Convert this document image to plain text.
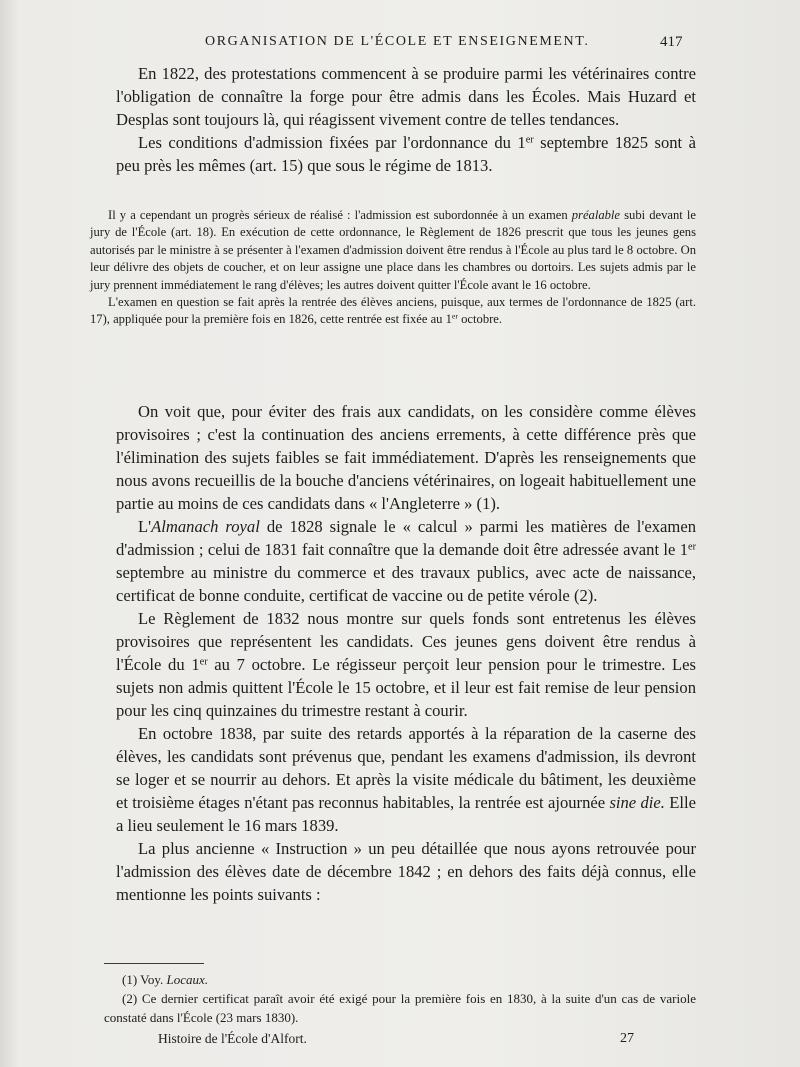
ORGANISATION DE L'ÉCOLE ET ENSEIGNEMENT.	417

En 1822, des protestations commencent à se produire parmi les vétérinaires contre l'obligation de connaître la forge pour être admis dans les Écoles. Mais Huzard et Desplas sont toujours là, qui réagissent vivement contre de telles tendances.

Les conditions d'admission fixées par l'ordonnance du 1er septembre 1825 sont à peu près les mêmes (art. 15) que sous le régime de 1813.

Il y a cependant un progrès sérieux de réalisé : l'admission est subordonnée à un examen préalable subi devant le jury de l'École (art. 18). En exécution de cette ordonnance, le Règlement de 1826 prescrit que tous les jeunes gens autorisés par le ministre à se présenter à l'examen d'admission doivent être rendus à l'École au plus tard le 8 octobre. On leur délivre des objets de coucher, et on leur assigne une place dans les chambres ou dortoirs. Les sujets admis par le jury prennent immédiatement le rang d'élèves; les autres doivent quitter l'École avant le 16 octobre.

L'examen en question se fait après la rentrée des élèves anciens, puisque, aux termes de l'ordonnance de 1825 (art. 17), appliquée pour la première fois en 1826, cette rentrée est fixée au 1er octobre.

On voit que, pour éviter des frais aux candidats, on les considère comme élèves provisoires ; c'est la continuation des anciens errements, à cette différence près que l'élimination des sujets faibles se fait immédiatement. D'après les renseignements que nous avons recueillis de la bouche d'anciens vétérinaires, on logeait habituellement une partie au moins de ces candidats dans « l'Angleterre » (1).

L'Almanach royal de 1828 signale le « calcul » parmi les matières de l'examen d'admission ; celui de 1831 fait connaître que la demande doit être adressée avant le 1er septembre au ministre du commerce et des travaux publics, avec acte de naissance, certificat de bonne conduite, certificat de vaccine ou de petite vérole (2).

Le Règlement de 1832 nous montre sur quels fonds sont entretenus les élèves provisoires que représentent les candidats. Ces jeunes gens doivent être rendus à l'École du 1er au 7 octobre. Le régisseur perçoit leur pension pour le trimestre. Les sujets non admis quittent l'École le 15 octobre, et il leur est fait remise de leur pension pour les cinq quinzaines du trimestre restant à courir.

En octobre 1838, par suite des retards apportés à la réparation de la caserne des élèves, les candidats sont prévenus que, pendant les examens d'admission, ils devront se loger et se nourrir au dehors. Et après la visite médicale du bâtiment, les deuxième et troisième étages n'étant pas reconnus habitables, la rentrée est ajournée sine die. Elle a lieu seulement le 16 mars 1839.

La plus ancienne « Instruction » un peu détaillée que nous ayons retrouvée pour l'admission des élèves date de décembre 1842 ; en dehors des faits déjà connus, elle mentionne les points suivants :

(1) Voy. Locaux.

(2) Ce dernier certificat paraît avoir été exigé pour la première fois en 1830, à la suite d'un cas de variole constaté dans l'École (23 mars 1830).

Histoire de l'École d'Alfort.	27
